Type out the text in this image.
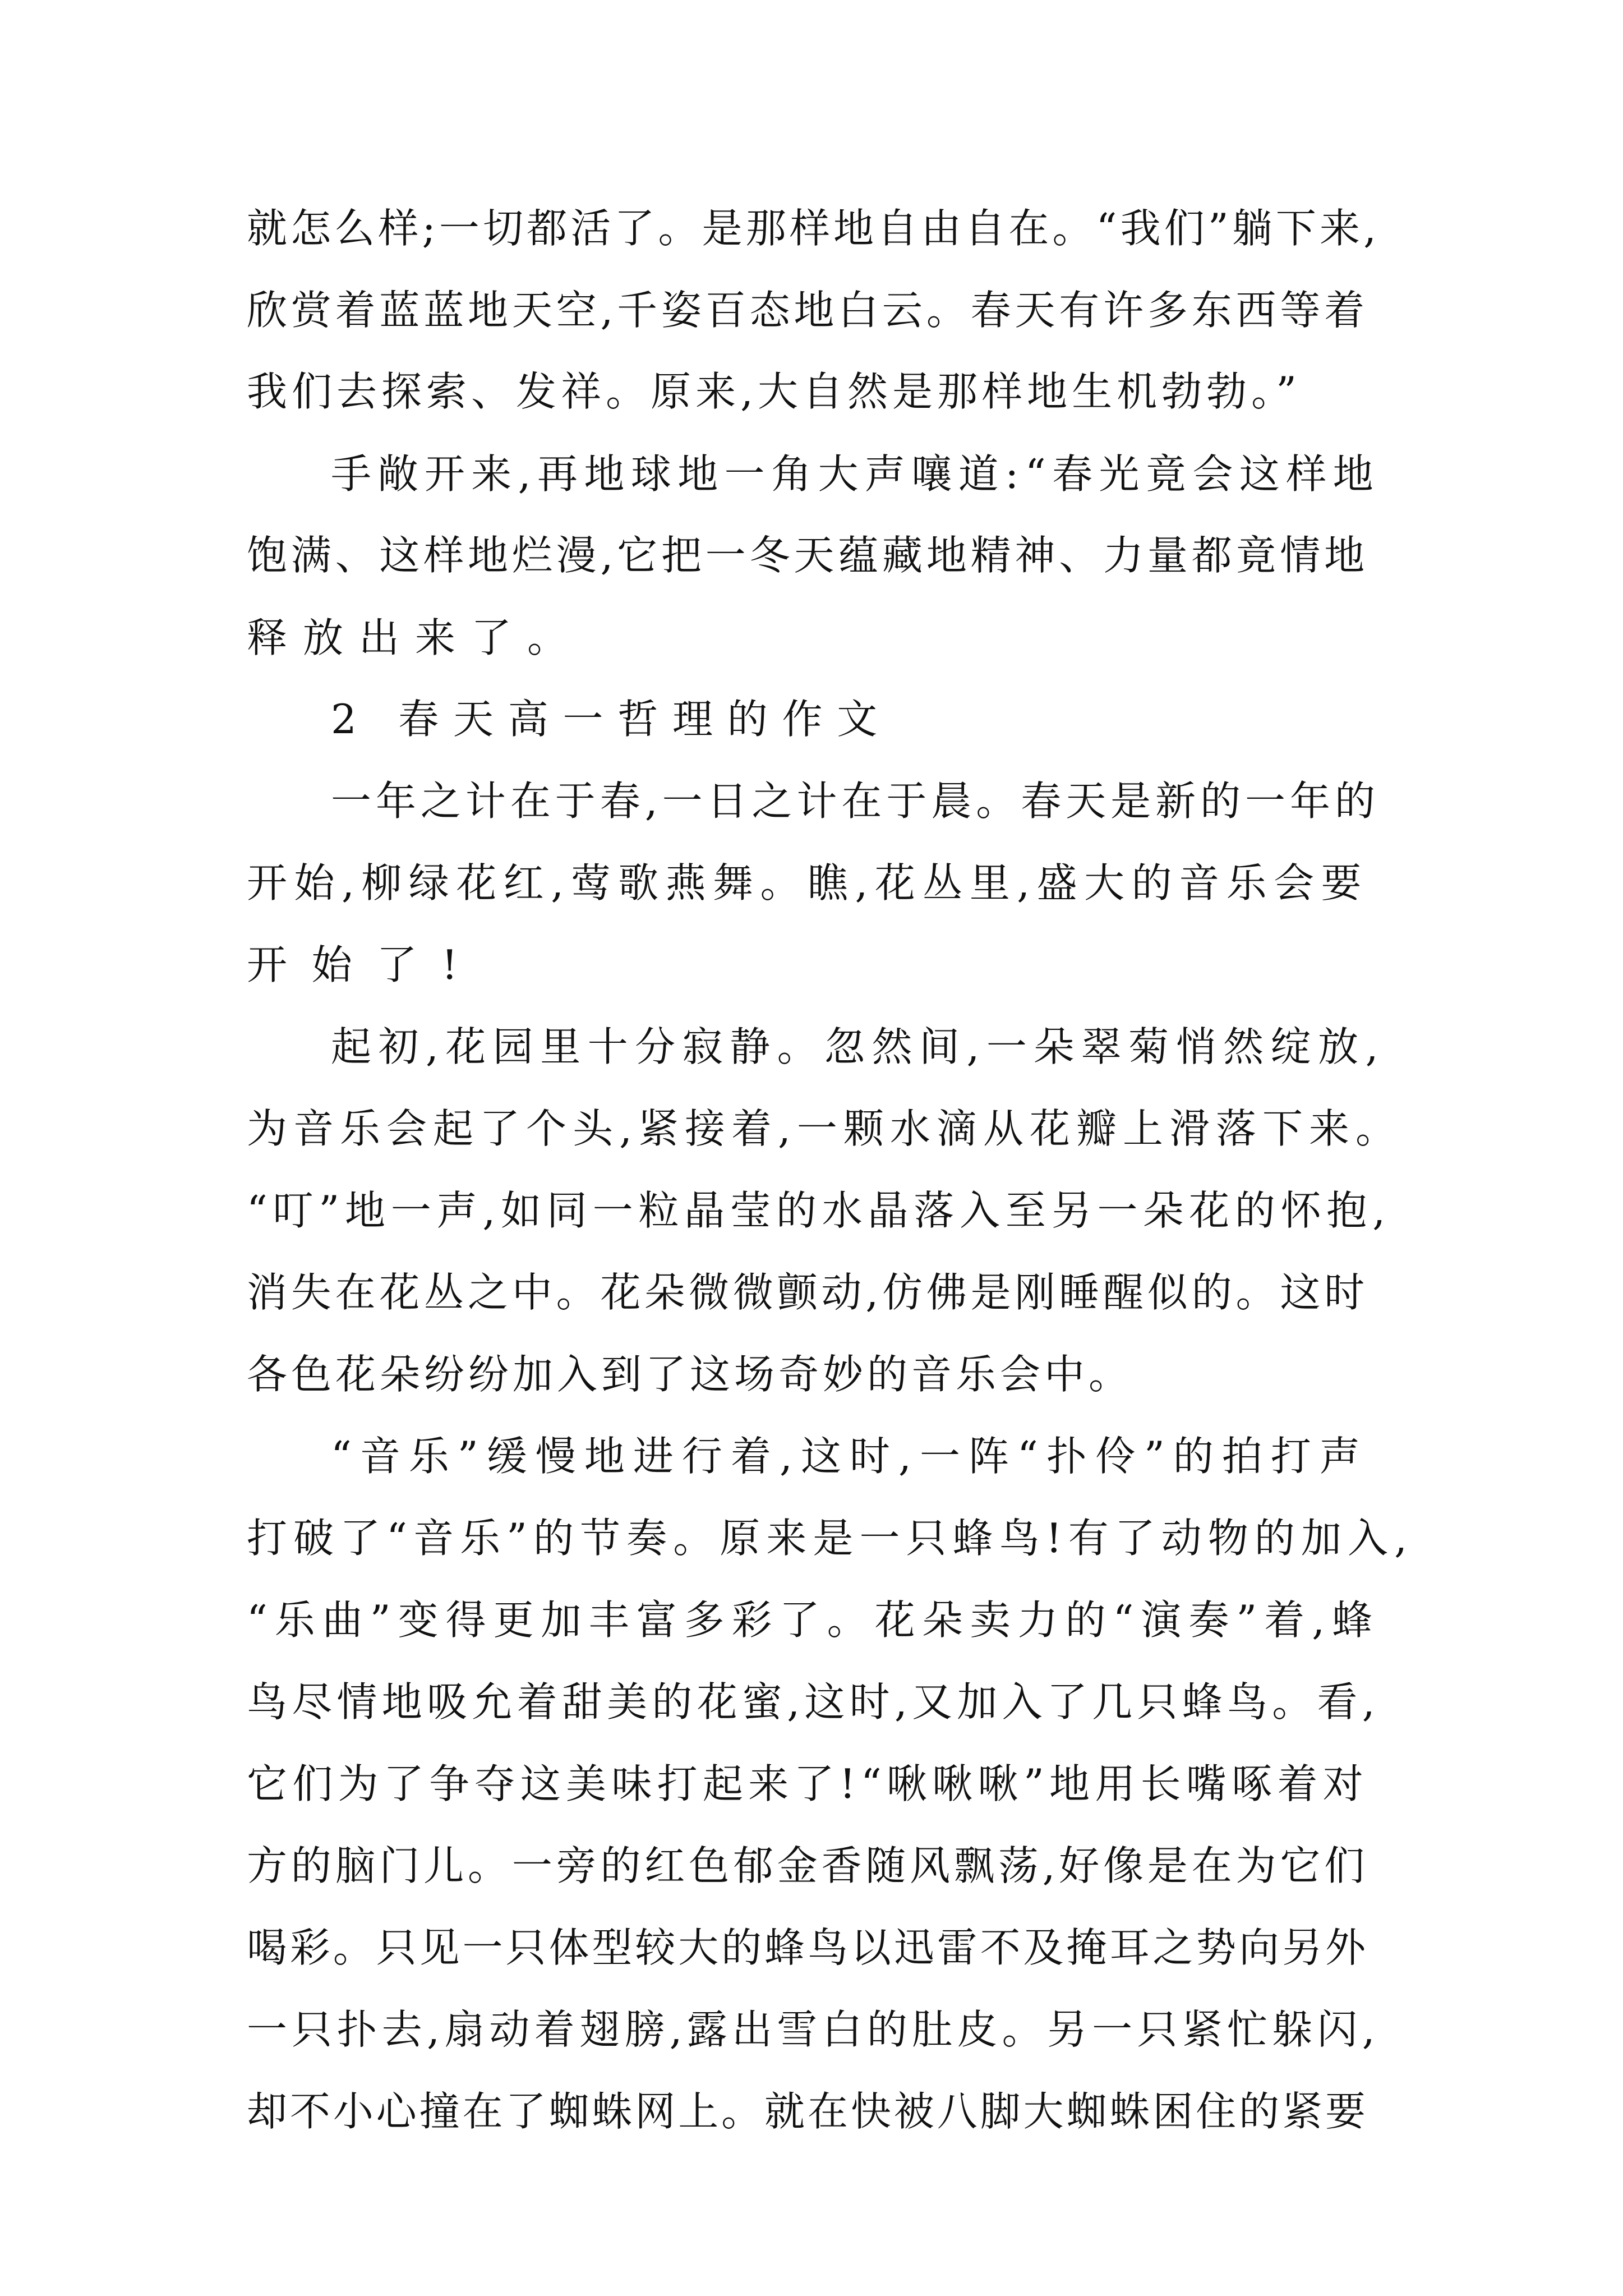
就怎么样;一切都活了。是那样地自由自在。“我们”躺下来,

欣赏着蓝蓝地天空,千姿百态地白云。春天有许多东西等着

我们去探索、发祥。原来,大自然是那样地生机勃勃。”

手敞开来,再地球地一角大声嚷道:“春光竟会这样地

饱满、这样地烂漫,它把一冬天蕴藏地精神、力量都竟情地

释放出来了。

2 春天高一哲理的作文

一年之计在于春,一日之计在于晨。春天是新的一年的

开始,柳绿花红,莺歌燕舞。瞧,花丛里,盛大的音乐会要

开始了!

起初,花园里十分寂静。忽然间,一朵翠菊悄然绽放,

为音乐会起了个头,紧接着,一颗水滴从花瓣上滑落下来。

“叮”地一声,如同一粒晶莹的水晶落入至另一朵花的怀抱,

消失在花丛之中。花朵微微颤动,仿佛是刚睡醒似的。这时

各色花朵纷纷加入到了这场奇妙的音乐会中。

“音乐”缓慢地进行着,这时,一阵“扑伶”的拍打声

打破了“音乐”的节奏。原来是一只蜂鸟!有了动物的加入,

“乐曲”变得更加丰富多彩了。花朵卖力的“演奏”着,蜂

鸟尽情地吸允着甜美的花蜜,这时,又加入了几只蜂鸟。看,

它们为了争夺这美味打起来了!“啾啾啾”地用长嘴啄着对

方的脑门儿。一旁的红色郁金香随风飘荡,好像是在为它们

喝彩。只见一只体型较大的蜂鸟以迅雷不及掩耳之势向另外

一只扑去,扇动着翅膀,露出雪白的肚皮。另一只紧忙躲闪,

却不小心撞在了蜘蛛网上。就在快被八脚大蜘蛛困住的紧要
